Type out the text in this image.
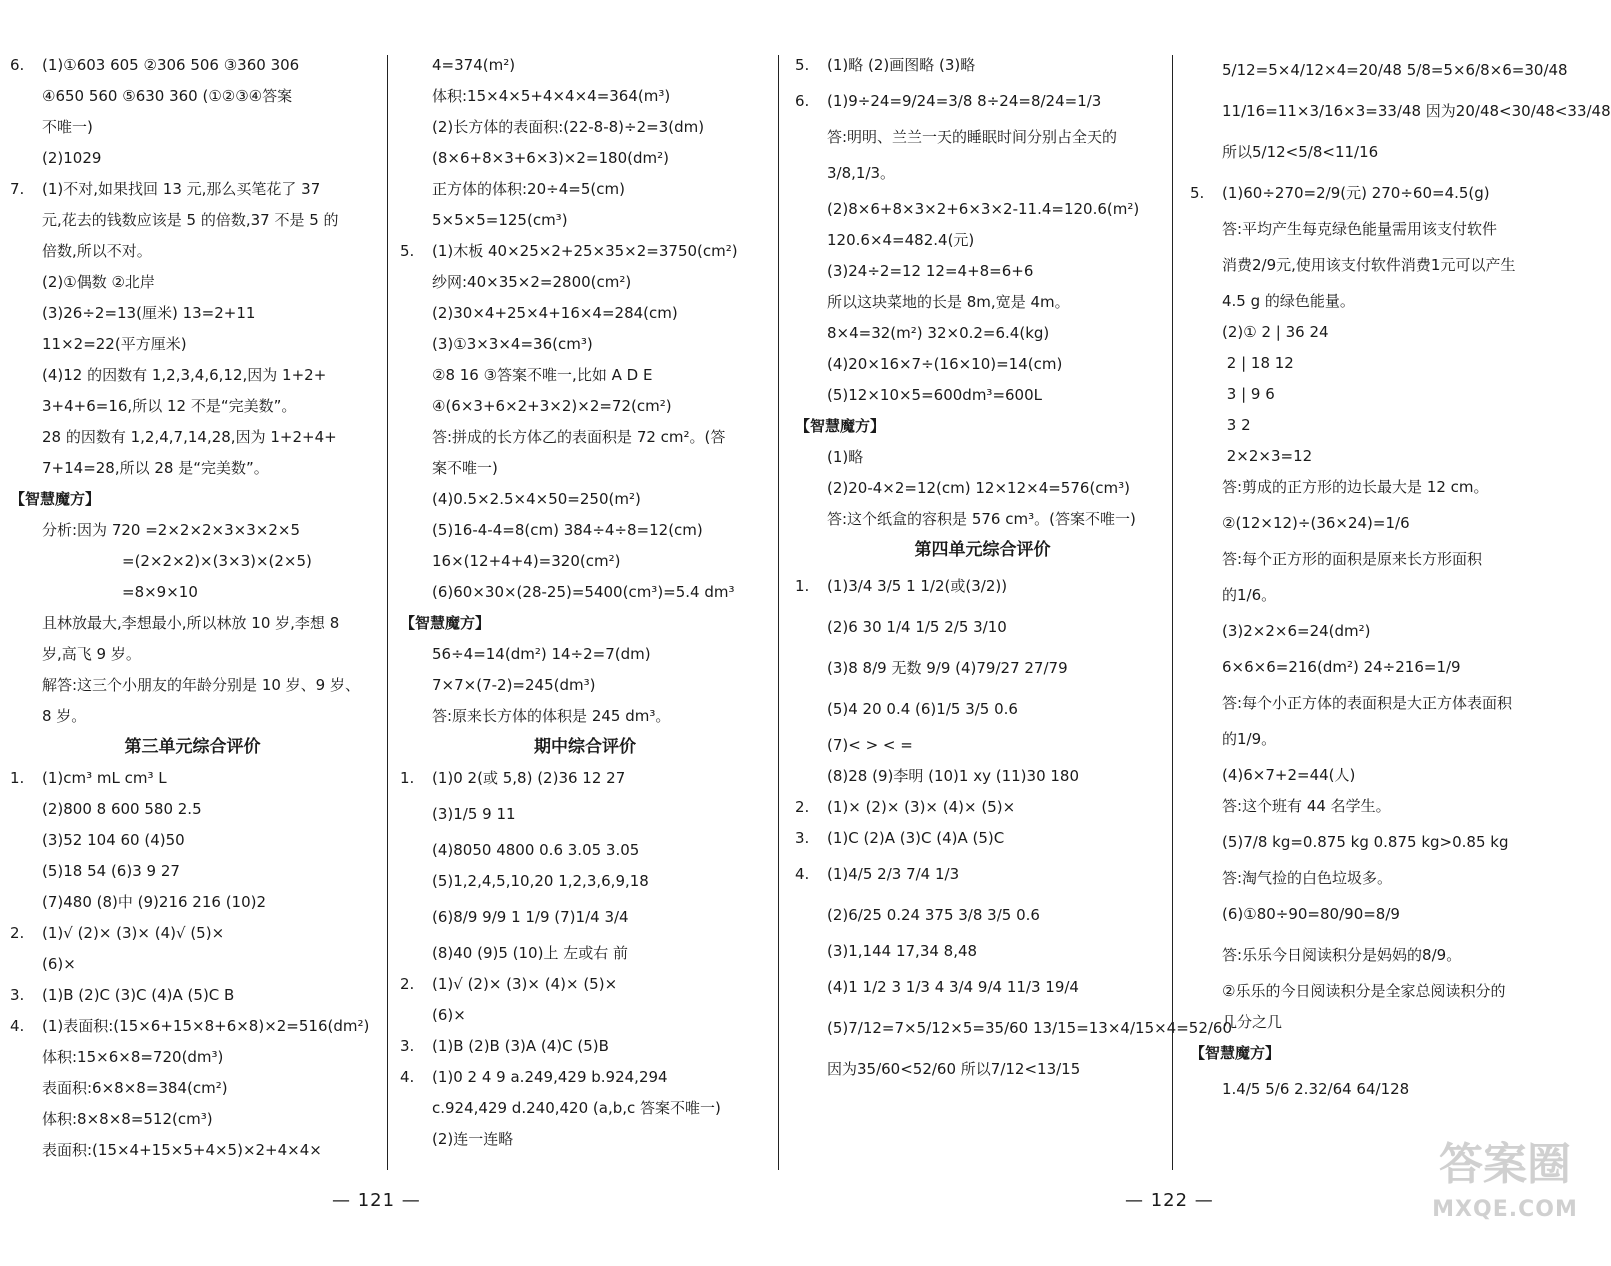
6. (1)①603 605 ②306 506 ③360 306
④650 560 ⑤630 360 (①②③④答案
不唯一)
(2)1029
7. (1)不对,如果找回 13 元,那么买笔花了 37
元,花去的钱数应该是 5 的倍数,37 不是 5 的
倍数,所以不对。
(2)①偶数 ②北岸
(3)26÷2=13(厘米) 13=2+11
11×2=22(平方厘米)
(4)12 的因数有 1,2,3,4,6,12,因为 1+2+
3+4+6=16,所以 12 不是“完美数”。
28 的因数有 1,2,4,7,14,28,因为 1+2+4+
7+14=28,所以 28 是“完美数”。
【智慧魔方】
分析:因为 720 =2×2×2×3×3×2×5
=(2×2×2)×(3×3)×(2×5)
=8×9×10
且林放最大,李想最小,所以林放 10 岁,李想 8
岁,高飞 9 岁。
解答:这三个小朋友的年龄分别是 10 岁、9 岁、
8 岁。
第三单元综合评价
1. (1)cm³ mL cm³ L
(2)800 8 600 580 2.5
(3)52 104 60 (4)50
(5)18 54 (6)3 9 27
(7)480 (8)中 (9)216 216 (10)2
2. (1)√ (2)× (3)× (4)√ (5)×
(6)×
3. (1)B (2)C (3)C (4)A (5)C B
4. (1)表面积:(15×6+15×8+6×8)×2=516(dm²)
体积:15×6×8=720(dm³)
表面积:6×8×8=384(cm²)
体积:8×8×8=512(cm³)
表面积:(15×4+15×5+4×5)×2+4×4×
4=374(m²)
体积:15×4×5+4×4×4=364(m³)
(2)长方体的表面积:(22-8-8)÷2=3(dm)
(8×6+8×3+6×3)×2=180(dm²)
正方体的体积:20÷4=5(cm)
5×5×5=125(cm³)
5. (1)木板 40×25×2+25×35×2=3750(cm²)
纱网:40×35×2=2800(cm²)
(2)30×4+25×4+16×4=284(cm)
(3)①3×3×4=36(cm³)
②8 16 ③答案不唯一,比如 A D E
④(6×3+6×2+3×2)×2=72(cm²)
答:拼成的长方体乙的表面积是 72 cm²。(答
案不唯一)
(4)0.5×2.5×4×50=250(m²)
(5)16-4-4=8(cm) 384÷4÷8=12(cm)
16×(12+4+4)=320(cm²)
(6)60×30×(28-25)=5400(cm³)=5.4 dm³
【智慧魔方】
56÷4=14(dm²) 14÷2=7(dm)
7×7×(7-2)=245(dm³)
答:原来长方体的体积是 245 dm³。
期中综合评价
1. (1)0 2(或 5,8) (2)36 12 27
(3)1/5 9 11
(4)8050 4800 0.6 3.05 3.05
(5)1,2,4,5,10,20 1,2,3,6,9,18
(6)8/9 9/9 1 1/9 (7)1/4 3/4
(8)40 (9)5 (10)上 左或右 前
2. (1)√ (2)× (3)× (4)× (5)×
(6)×
3. (1)B (2)B (3)A (4)C (5)B
4. (1)0 2 4 9 a.249,429 b.924,294
c.924,429 d.240,420 (a,b,c 答案不唯一)
(2)连一连略
5. (1)略 (2)画图略 (3)略
6. (1)9÷24=9/24=3/8 8÷24=8/24=1/3
答:明明、兰兰一天的睡眠时间分别占全天的
3/8,1/3。
(2)8×6+8×3×2+6×3×2-11.4=120.6(m²)
120.6×4=482.4(元)
(3)24÷2=12 12=4+8=6+6
所以这块菜地的长是 8m,宽是 4m。
8×4=32(m²) 32×0.2=6.4(kg)
(4)20×16×7÷(16×10)=14(cm)
(5)12×10×5=600dm³=600L
【智慧魔方】
(1)略
(2)20-4×2=12(cm) 12×12×4=576(cm³)
答:这个纸盒的容积是 576 cm³。(答案不唯一)
第四单元综合评价
1. (1)3/4 3/5 1 1/2(或(3/2))
(2)6 30 1/4 1/5 2/5 3/10
(3)8 8/9 无数 9/9 (4)79/27 27/79
(5)4 20 0.4 (6)1/5 3/5 0.6
(7)< > < =
(8)28 (9)李明 (10)1 xy (11)30 180
2. (1)× (2)× (3)× (4)× (5)×
3. (1)C (2)A (3)C (4)A (5)C
4. (1)4/5 2/3 7/4 1/3
(2)6/25 0.24 375 3/8 3/5 0.6
(3)1,144 17,34 8,48
(4)1 1/2 3 1/3 4 3/4 9/4 11/3 19/4
(5)7/12=7×5/12×5=35/60 13/15=13×4/15×4=52/60
因为35/60<52/60 所以7/12<13/15
5/12=5×4/12×4=20/48 5/8=5×6/8×6=30/48
11/16=11×3/16×3=33/48 因为20/48<30/48<33/48
所以5/12<5/8<11/16
5. (1)60÷270=2/9(元) 270÷60=4.5(g)
答:平均产生每克绿色能量需用该支付软件
消费2/9元,使用该支付软件消费1元可以产生
4.5 g 的绿色能量。
(2)① 2 | 36 24
2 | 18 12
3 | 9 6
3 2
2×2×3=12
答:剪成的正方形的边长最大是 12 cm。
②(12×12)÷(36×24)=1/6
答:每个正方形的面积是原来长方形面积
的1/6。
(3)2×2×6=24(dm²)
6×6×6=216(dm²) 24÷216=1/9
答:每个小正方体的表面积是大正方体表面积
的1/9。
(4)6×7+2=44(人)
答:这个班有 44 名学生。
(5)7/8 kg=0.875 kg 0.875 kg>0.85 kg
答:淘气捡的白色垃圾多。
(6)①80÷90=80/90=8/9
答:乐乐今日阅读积分是妈妈的8/9。
②乐乐的今日阅读积分是全家总阅读积分的
几分之几
【智慧魔方】
1.4/5 5/6 2.32/64 64/128
— 121 —	— 122 —
答案圈
MXQE.COM
